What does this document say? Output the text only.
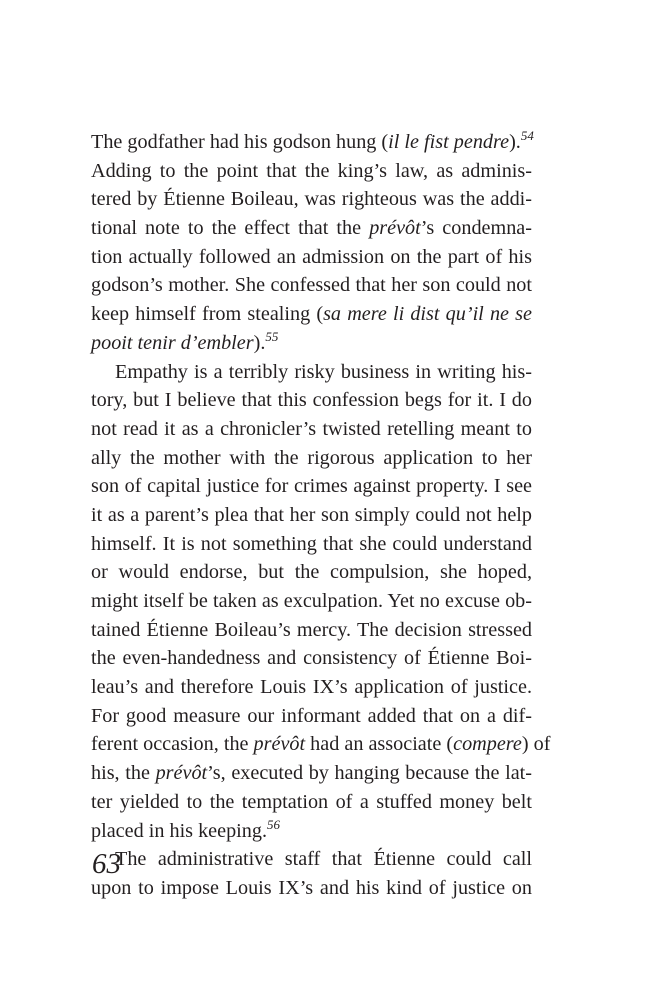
The godfather had his godson hung (il le fist pendre).$^{54}$
Adding to the point that the king’s law, as adminis-
tered by Étienne Boileau, was righteous was the addi-
tional note to the effect that the prévôt’s condemna-
tion actually followed an admission on the part of his
godson’s mother. She confessed that her son could not
keep himself from stealing (sa mere li dist qu’il ne se
pooit tenir d’embler).$^{55}$
Empathy is a terribly risky business in writing his-
tory, but I believe that this confession begs for it. I do
not read it as a chronicler’s twisted retelling meant to
ally the mother with the rigorous application to her
son of capital justice for crimes against property. I see
it as a parent’s plea that her son simply could not help
himself. It is not something that she could understand
or would endorse, but the compulsion, she hoped,
might itself be taken as exculpation. Yet no excuse ob-
tained Étienne Boileau’s mercy. The decision stressed
the even-handedness and consistency of Étienne Boi-
leau’s and therefore Louis IX’s application of justice.
For good measure our informant added that on a dif-
ferent occasion, the prévôt had an associate (compere) of
his, the prévôt’s, executed by hanging because the lat-
ter yielded to the temptation of a stuffed money belt
placed in his keeping.$^{56}$
The administrative staff that Étienne could call
upon to impose Louis IX’s and his kind of justice on
63
